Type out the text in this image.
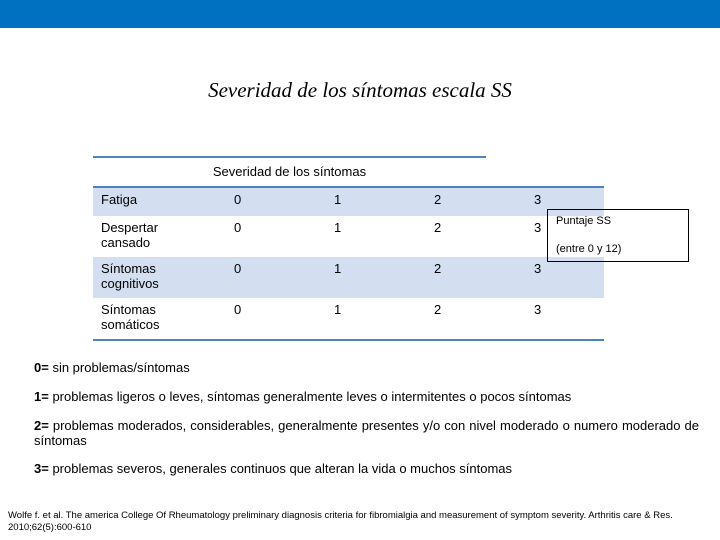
Severidad de los síntomas escala SS
Severidad de los síntomas
Fatiga	0	1	2	3
Despertar cansado	0	1	2	3
Síntomas cognitivos	0	1	2	3
Síntomas somáticos	0	1	2	3
Puntaje SS
(entre 0 y 12)
0= sin problemas/síntomas
1= problemas ligeros o leves, síntomas generalmente leves o intermitentes o pocos síntomas
2= problemas moderados, considerables, generalmente presentes y/o con nivel moderado o numero moderado de síntomas
3= problemas severos, generales continuos que alteran la vida o muchos síntomas
Wolfe f. et al. The america College Of Rheumatology preliminary diagnosis criteria for fibromialgia and measurement of symptom severity. Arthritis care & Res. 2010;62(5):600-610
